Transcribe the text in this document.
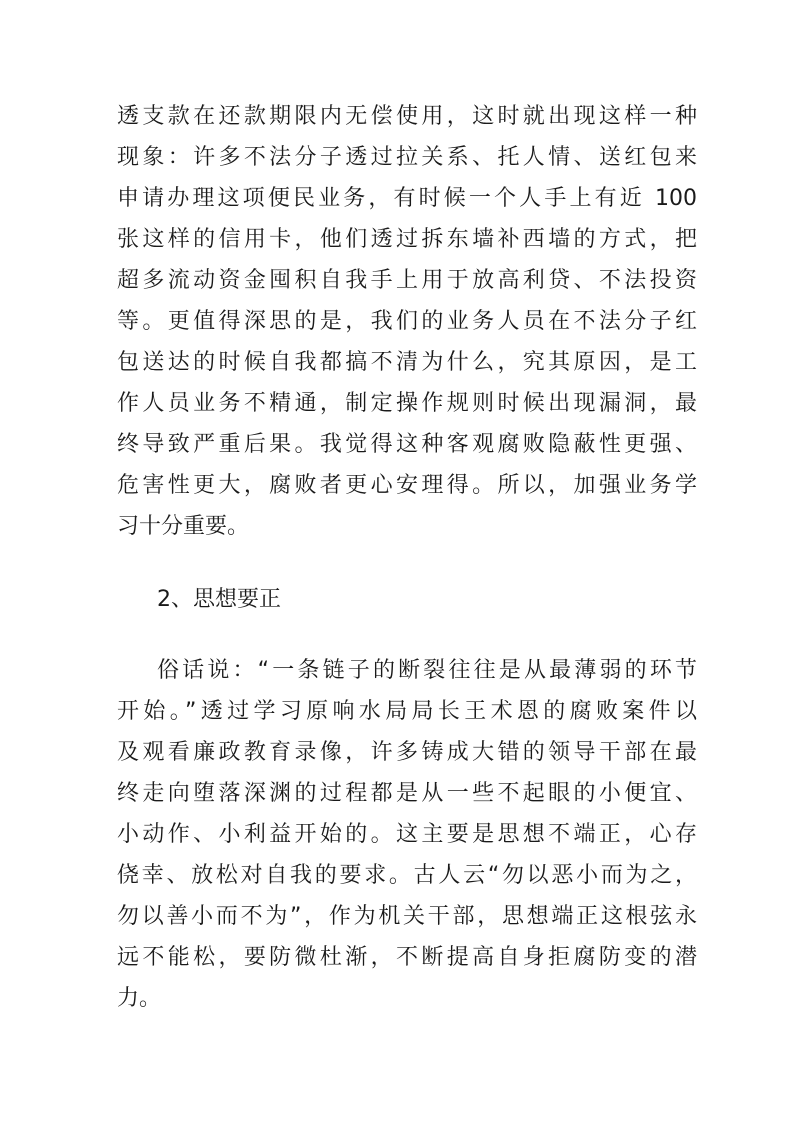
透支款在还款期限内无偿使用，这时就出现这样一种
现象：许多不法分子透过拉关系、托人情、送红包来
申请办理这项便民业务，有时候一个人手上有近 100
张这样的信用卡，他们透过拆东墙补西墙的方式，把
超多流动资金囤积自我手上用于放高利贷、不法投资
等。更值得深思的是，我们的业务人员在不法分子红
包送达的时候自我都搞不清为什么，究其原因，是工
作人员业务不精通，制定操作规则时候出现漏洞，最
终导致严重后果。我觉得这种客观腐败隐蔽性更强、
危害性更大，腐败者更心安理得。所以，加强业务学
习十分重要。
2、思想要正
俗话说：“一条链子的断裂往往是从最薄弱的环节
开始。”透过学习原响水局局长王术恩的腐败案件以
及观看廉政教育录像，许多铸成大错的领导干部在最
终走向堕落深渊的过程都是从一些不起眼的小便宜、
小动作、小利益开始的。这主要是思想不端正，心存
侥幸、放松对自我的要求。古人云“勿以恶小而为之，
勿以善小而不为”，作为机关干部，思想端正这根弦永
远不能松，要防微杜渐，不断提高自身拒腐防变的潜
力。
